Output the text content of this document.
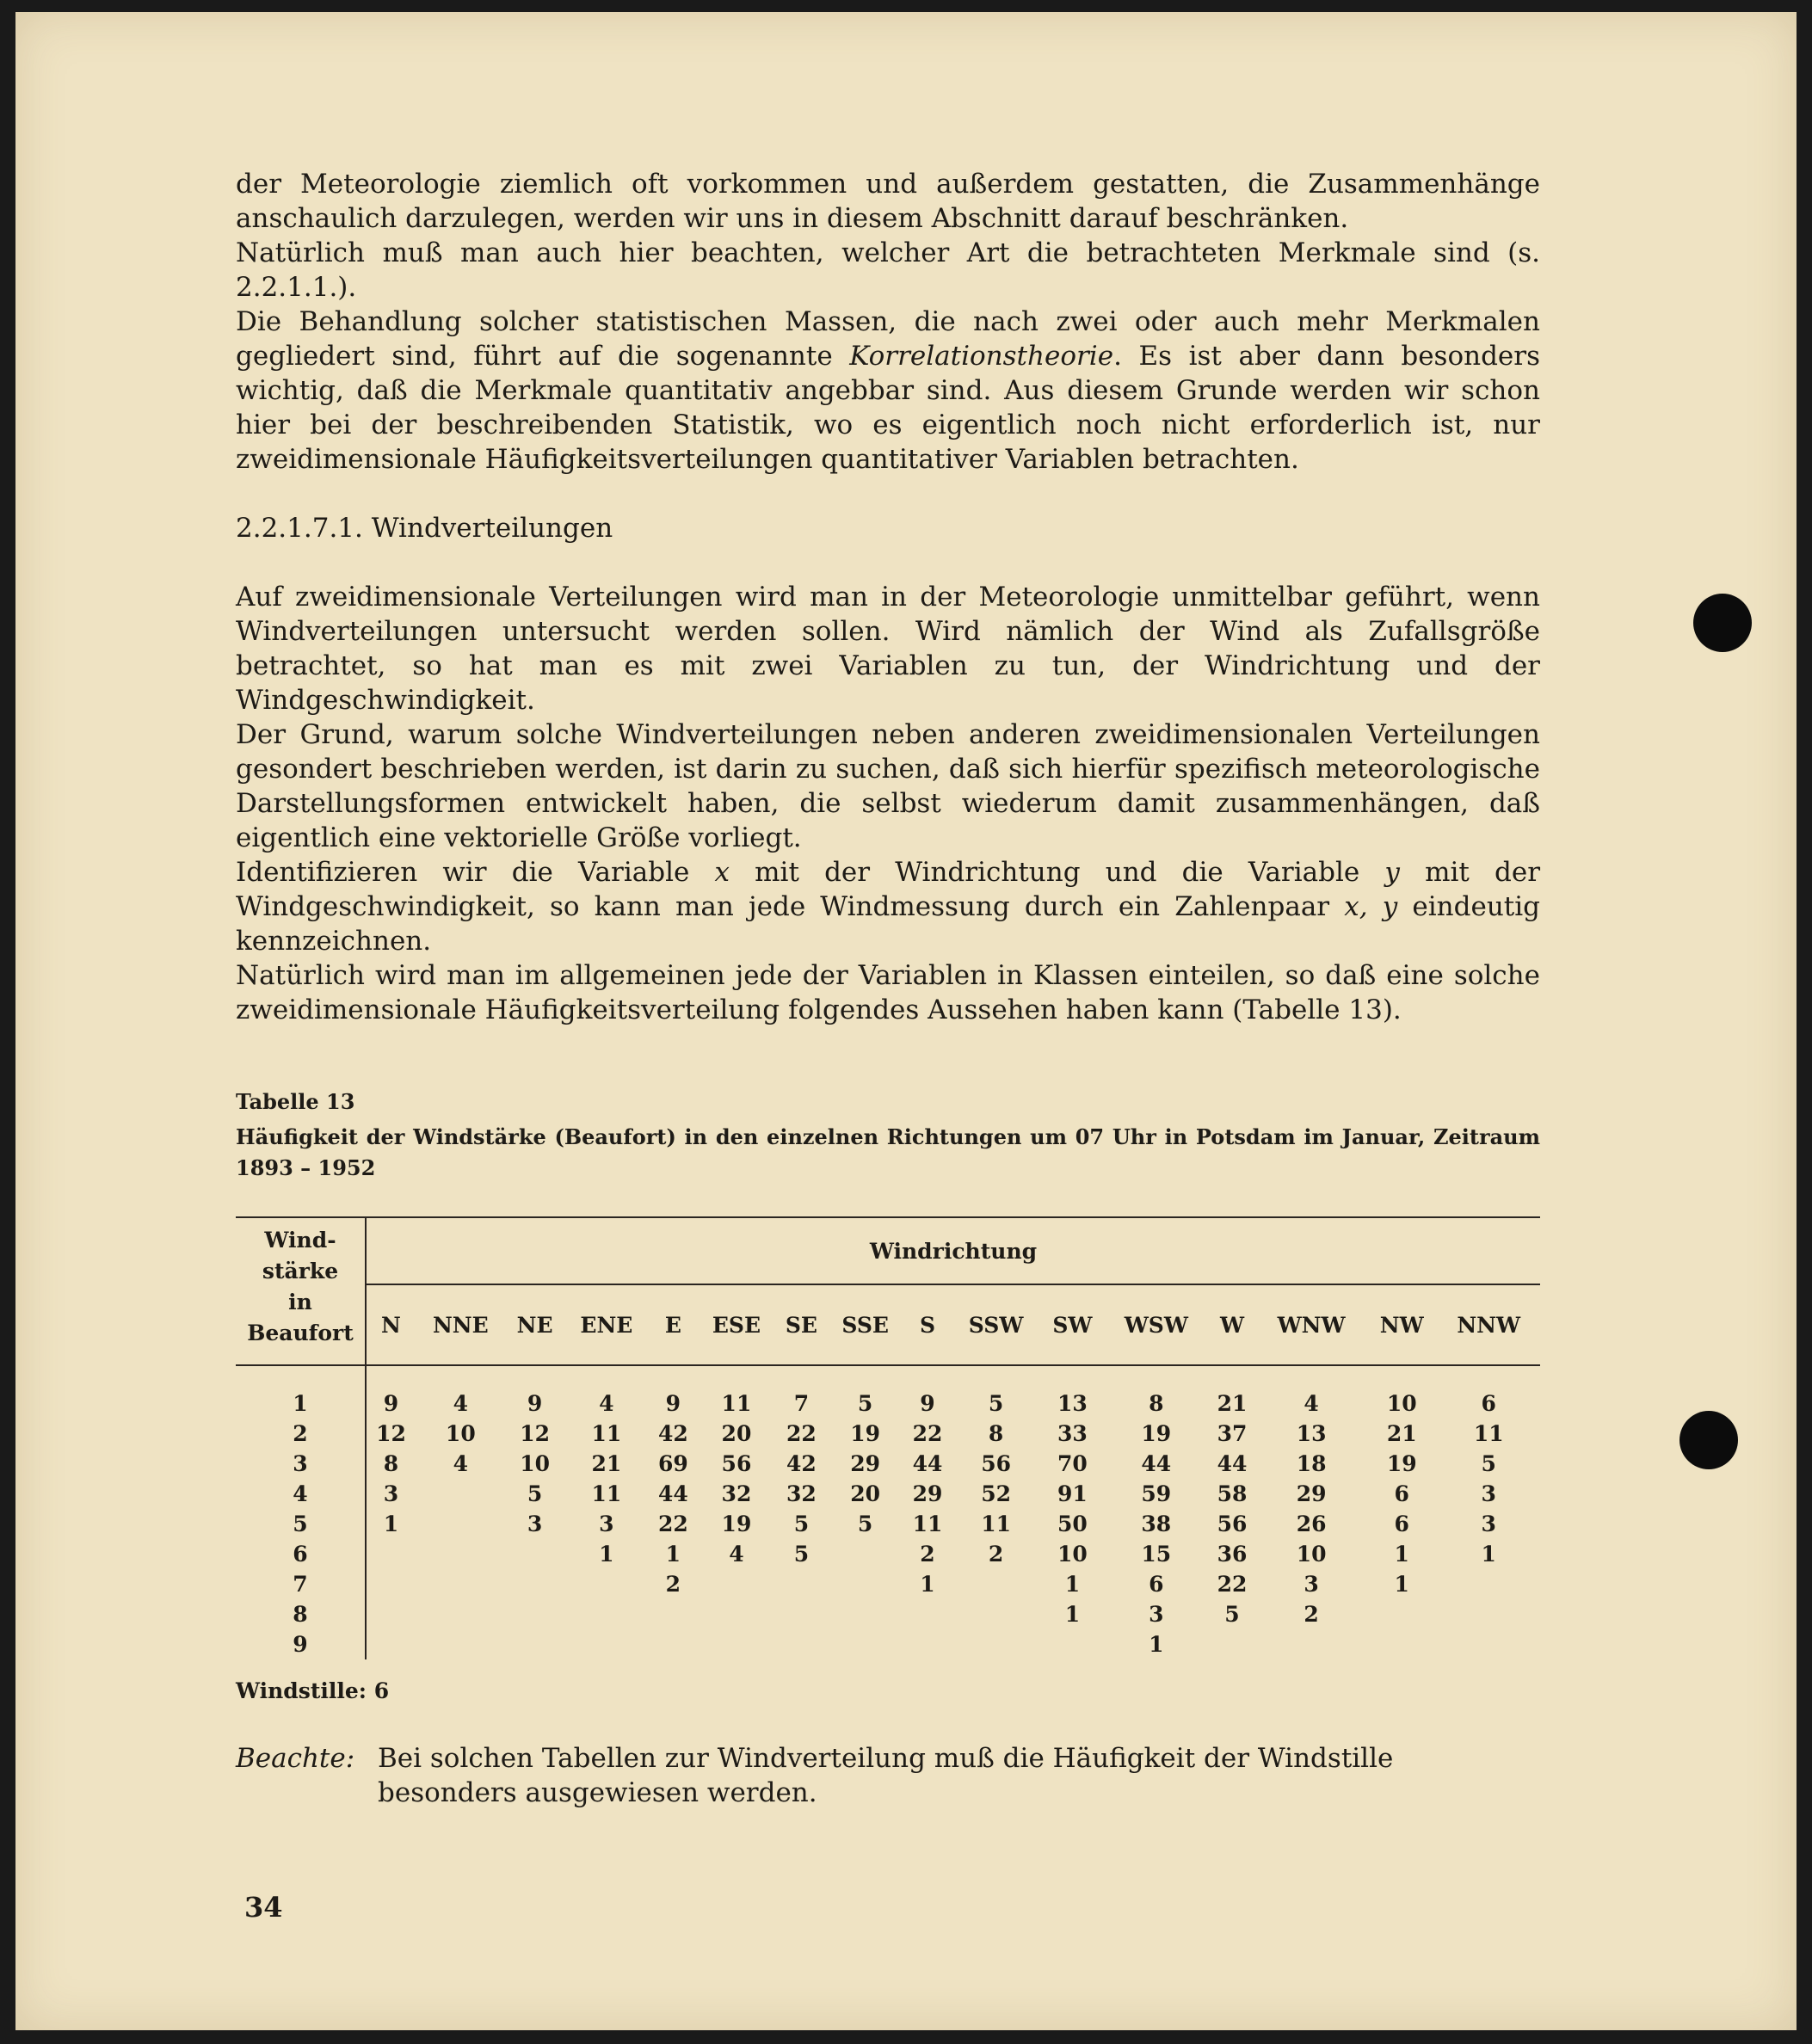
der Meteorologie ziemlich oft vorkommen und außerdem gestatten, die Zusammenhänge anschaulich darzulegen, werden wir uns in diesem Abschnitt darauf beschränken.

Natürlich muß man auch hier beachten, welcher Art die betrachteten Merkmale sind (s. 2.2.1.1.).

Die Behandlung solcher statistischen Massen, die nach zwei oder auch mehr Merkmalen gegliedert sind, führt auf die sogenannte Korrelationstheorie. Es ist aber dann besonders wichtig, daß die Merkmale quantitativ angebbar sind. Aus diesem Grunde werden wir schon hier bei der beschreibenden Statistik, wo es eigentlich noch nicht erforderlich ist, nur zweidimensionale Häufigkeitsverteilungen quantitativer Variablen betrachten.

2.2.1.7.1. Windverteilungen

Auf zweidimensionale Verteilungen wird man in der Meteorologie unmittelbar geführt, wenn Windverteilungen untersucht werden sollen. Wird nämlich der Wind als Zufallsgröße betrachtet, so hat man es mit zwei Variablen zu tun, der Windrichtung und der Windgeschwindigkeit.

Der Grund, warum solche Windverteilungen neben anderen zweidimensionalen Verteilungen gesondert beschrieben werden, ist darin zu suchen, daß sich hierfür spezifisch meteorologische Darstellungsformen entwickelt haben, die selbst wiederum damit zusammenhängen, daß eigentlich eine vektorielle Größe vorliegt.

Identifizieren wir die Variable x mit der Windrichtung und die Variable y mit der Windgeschwindigkeit, so kann man jede Windmessung durch ein Zahlenpaar x, y eindeutig kennzeichnen.

Natürlich wird man im allgemeinen jede der Variablen in Klassen einteilen, so daß eine solche zweidimensionale Häufigkeitsverteilung folgendes Aussehen haben kann (Tabelle 13).

Tabelle 13
Häufigkeit der Windstärke (Beaufort) in den einzelnen Richtungen um 07 Uhr in Potsdam im Januar, Zeitraum 1893 – 1952
Wind-
stärke
in
Beaufort	Windrichtung															
	N	NNE	NE	ENE	E	ESE	SE	SSE	S	SSW	SW	WSW	W	WNW	NW	NNW
1	9	4	9	4	9	11	7	5	9	5	13	8	21	4	10	6
2	12	10	12	11	42	20	22	19	22	8	33	19	37	13	21	11
3	8	4	10	21	69	56	42	29	44	56	70	44	44	18	19	5
4	3		5	11	44	32	32	20	29	52	91	59	58	29	6	3
5	1		3	3	22	19	5	5	11	11	50	38	56	26	6	3
6				1	1	4	5		2	2	10	15	36	10	1	1
7					2				1		1	6	22	3	1	
8											1	3	5	2		
9												1				
Windstille: 6
Beachte: Bei solchen Tabellen zur Windverteilung muß die Häufigkeit der Windstille besonders ausgewiesen werden.
34
